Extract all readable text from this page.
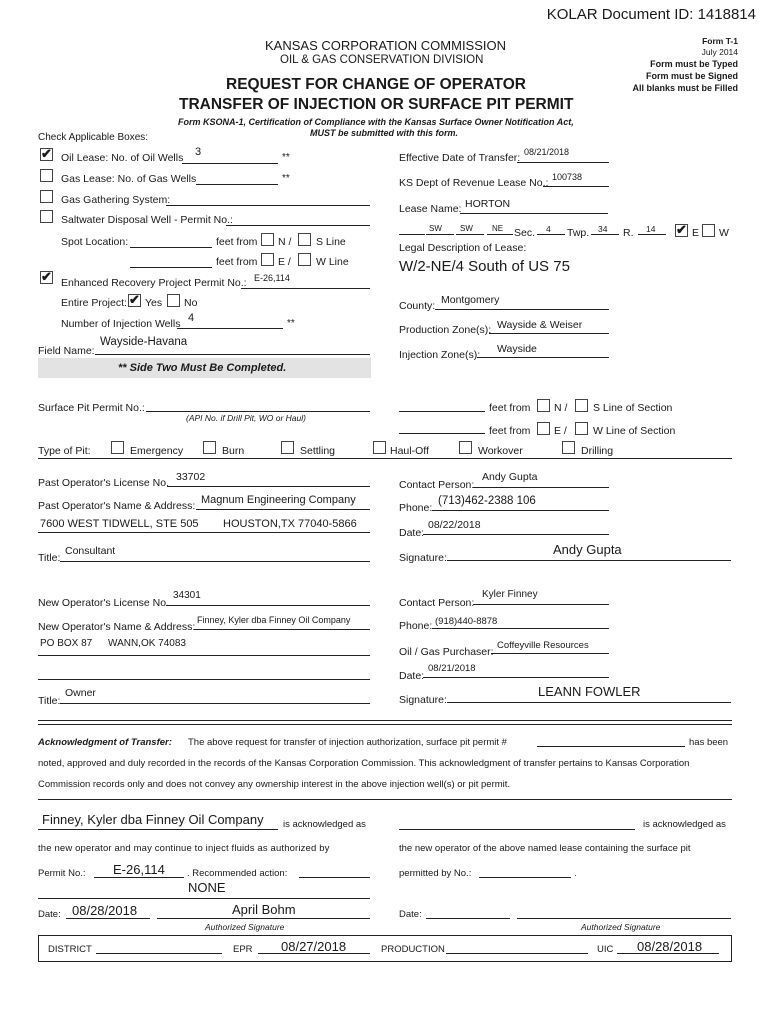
KOLAR Document ID: 1418814
KANSAS CORPORATION COMMISSION
OIL & GAS CONSERVATION DIVISION
Form T-1
July 2014
Form must be Typed
Form must be Signed
All blanks must be Filled
REQUEST FOR CHANGE OF OPERATOR
TRANSFER OF INJECTION OR SURFACE PIT PERMIT
Form KSONA-1, Certification of Compliance with the Kansas Surface Owner Notification Act,
MUST be submitted with this form.
Check Applicable Boxes:
✔ Oil Lease: No. of Oil Wells 3	**
Gas Lease: No. of Gas Wells	**
Gas Gathering System:
Saltwater Disposal Well - Permit No.:
Spot Location:	feet from N / S Line
feet from E / W Line
✔ Enhanced Recovery Project Permit No.: E-26,114
Entire Project: ✔ Yes No
Number of Injection Wells 4	**
Field Name:
Wayside-Havana
** Side Two Must Be Completed.
Effective Date of Transfer: 08/21/2018
KS Dept of Revenue Lease No.: 100738
Lease Name: HORTON
SW SW NE Sec. 4 Twp. 34 R. 14 ✔ E W
Legal Description of Lease:
W/2-NE/4 South of US 75
County: Montgomery
Production Zone(s): Wayside & Weiser
Injection Zone(s): Wayside
Surface Pit Permit No.:
(API No. if Drill Pit, WO or Haul)
feet from N / S Line of Section
feet from E / W Line of Section
Type of Pit:	Emergency	Burn	Settling	Haul-Off	Workover	Drilling
Past Operator's License No. 33702
Past Operator's Name & Address: Magnum Engineering Company
7600 WEST TIDWELL, STE 505 HOUSTON,TX 77040-5866
Title:
Consultant
Contact Person:
Andy Gupta
Phone:
(713)462-2388 106
Date:
08/22/2018
Signature:
Andy Gupta
New Operator's License No.
34301
New Operator's Name & Address:
Finney, Kyler dba Finney Oil Company
PO BOX 87 WANN,OK 74083
Title:
Owner
Contact Person:
Kyler Finney
Phone: (918)440-8878
Oil / Gas Purchaser:
Coffeyville Resources
Date:
08/21/2018
Signature:
LEANN FOWLER
Acknowledgment of Transfer: The above request for transfer of injection authorization, surface pit permit #	has been
noted, approved and duly recorded in the records of the Kansas Corporation Commission. This acknowledgment of transfer pertains to Kansas Corporation
Commission records only and does not convey any ownership interest in the above injection well(s) or pit permit.
Finney, Kyler dba Finney Oil Company is acknowledged as
the new operator and may continue to inject fluids as authorized by
Permit No.: E-26,114 . Recommended action:
NONE
Date: 08/28/2018	April Bohm
Authorized Signature
is acknowledged as
the new operator of the above named lease containing the surface pit
permitted by No.:	.
Date:
Authorized Signature
DISTRICT	EPR 08/27/2018	PRODUCTION	UIC 08/28/2018
